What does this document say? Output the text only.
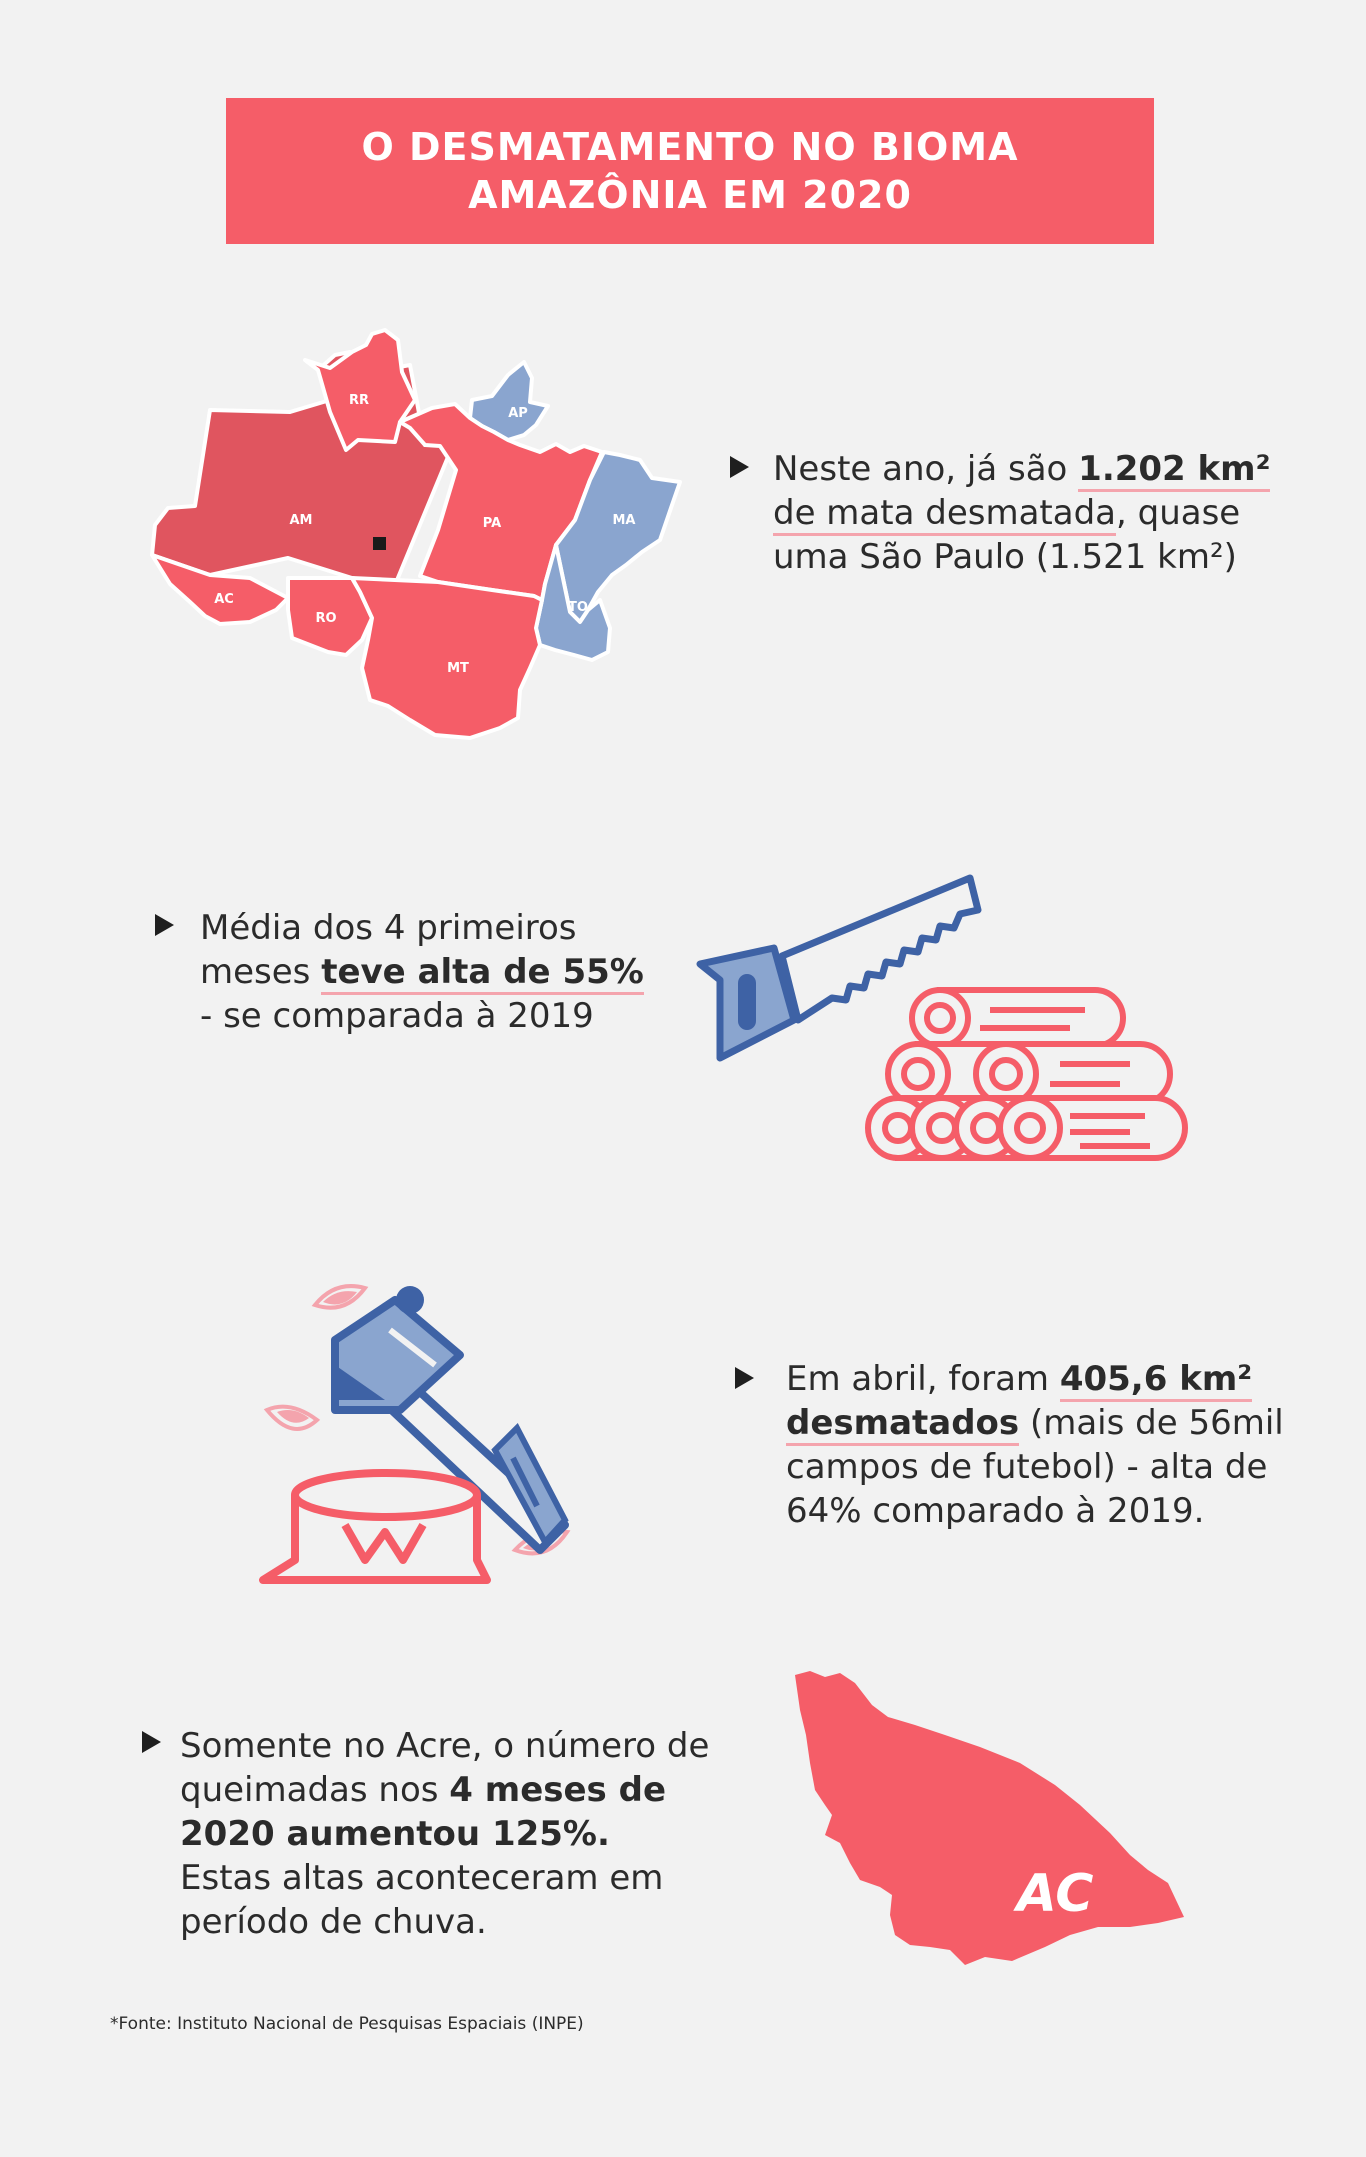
O DESMATAMENTO NO BIOMA
AMAZÔNIA EM 2020
RR
AP
AM	PA	MA
AC
RO
TO
MT
Neste ano, já são 1.202 km²
de mata desmatada, quase
uma São Paulo (1.521 km²)
Média dos 4 primeiros
meses teve alta de 55%
- se comparada à 2019
Em abril, foram 405,6 km²
desmatados (mais de 56mil
campos de futebol) - alta de
64% comparado à 2019.
Somente no Acre, o número de
queimadas nos 4 meses de
2020 aumentou 125%.
Estas altas aconteceram em
período de chuva.	AC
*Fonte: Instituto Nacional de Pesquisas Espaciais (INPE)
